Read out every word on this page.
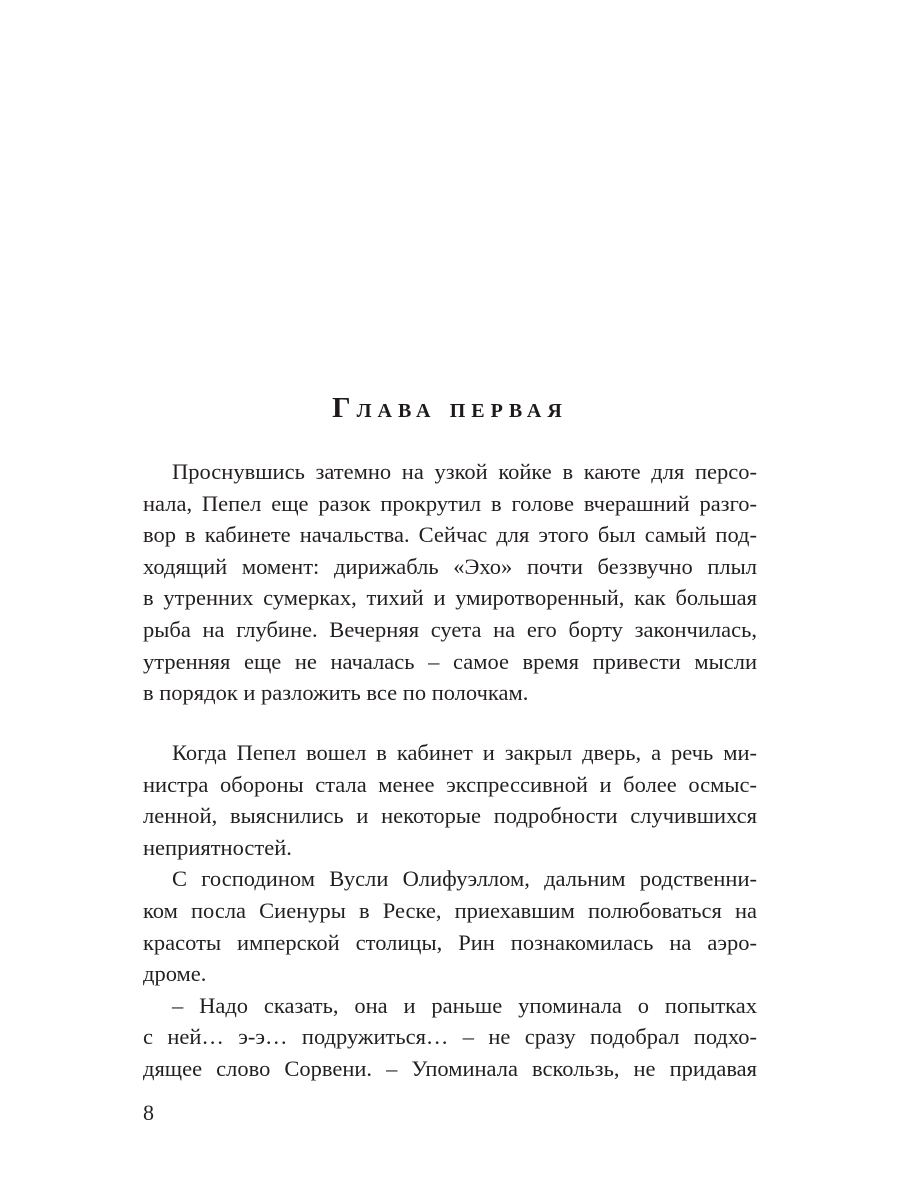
Глава первая
Проснувшись затемно на узкой койке в каюте для персо-
нала, Пепел еще разок прокрутил в голове вчерашний разго-
вор в кабинете начальства. Сейчас для этого был самый под-
ходящий момент: дирижабль «Эхо» почти беззвучно плыл
в утренних сумерках, тихий и умиротворенный, как большая
рыба на глубине. Вечерняя суета на его борту закончилась,
утренняя еще не началась – самое время привести мысли
в порядок и разложить все по полочкам.
Когда Пепел вошел в кабинет и закрыл дверь, а речь ми-
нистра обороны стала менее экспрессивной и более осмыс-
ленной, выяснились и некоторые подробности случившихся
неприятностей.
С господином Вусли Олифуэллом, дальним родственни-
ком посла Сиенуры в Реске, приехавшим полюбоваться на
красоты имперской столицы, Рин познакомилась на аэро-
дроме.
– Надо сказать, она и раньше упоминала о попытках
с ней… э-э… подружиться… – не сразу подобрал подхо-
дящее слово Сорвени. – Упоминала вскользь, не придавая
8
